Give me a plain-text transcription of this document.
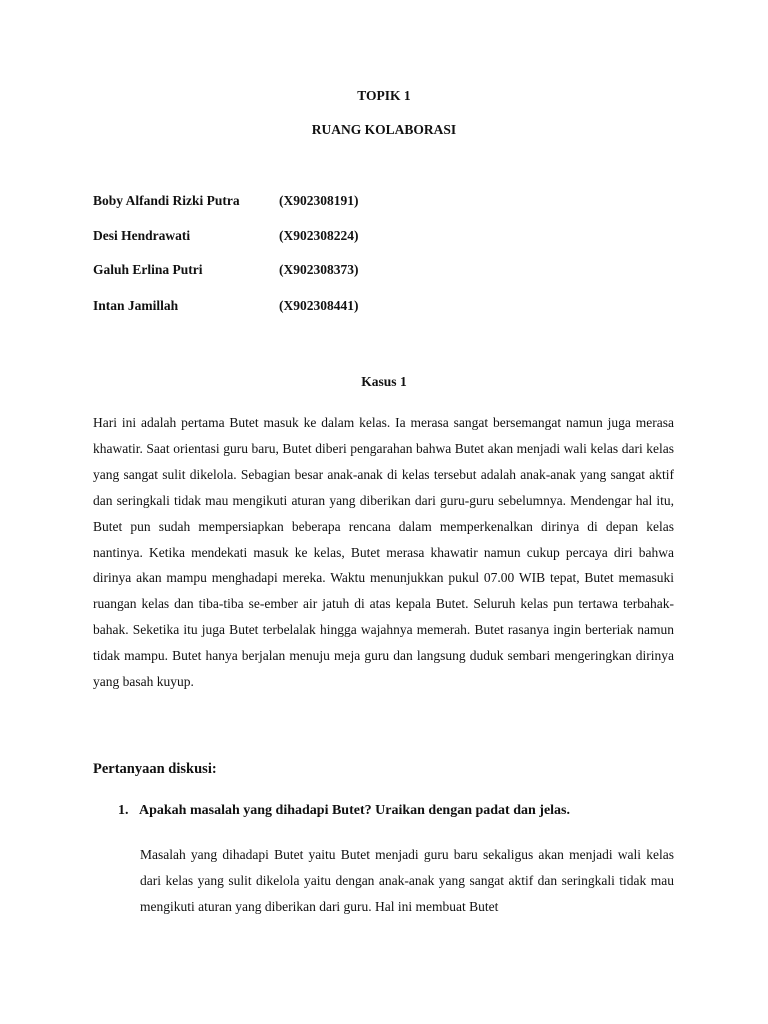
TOPIK 1
RUANG KOLABORASI
Boby Alfandi Rizki Putra	(X902308191)
Desi Hendrawati	(X902308224)
Galuh Erlina Putri	(X902308373)
Intan Jamillah	(X902308441)
Kasus 1

Hari ini adalah pertama Butet masuk ke dalam kelas. Ia merasa sangat bersemangat namun juga merasa khawatir. Saat orientasi guru baru, Butet diberi pengarahan bahwa Butet akan menjadi wali kelas dari kelas yang sangat sulit dikelola. Sebagian besar anak-anak di kelas tersebut adalah anak-anak yang sangat aktif dan seringkali tidak mau mengikuti aturan yang diberikan dari guru-guru sebelumnya. Mendengar hal itu, Butet pun sudah mempersiapkan beberapa rencana dalam memperkenalkan dirinya di depan kelas nantinya. Ketika mendekati masuk ke kelas, Butet merasa khawatir namun cukup percaya diri bahwa dirinya akan mampu menghadapi mereka. Waktu menunjukkan pukul 07.00 WIB tepat, Butet memasuki ruangan kelas dan tiba-tiba se-ember air jatuh di atas kepala Butet. Seluruh kelas pun tertawa terbahak-bahak. Seketika itu juga Butet terbelalak hingga wajahnya memerah. Butet rasanya ingin berteriak namun tidak mampu. Butet hanya berjalan menuju meja guru dan langsung duduk sembari mengeringkan dirinya yang basah kuyup.

Pertanyaan diskusi:
1. Apakah masalah yang dihadapi Butet? Uraikan dengan padat dan jelas.

Masalah yang dihadapi Butet yaitu Butet menjadi guru baru sekaligus akan menjadi wali kelas dari kelas yang sulit dikelola yaitu dengan anak-anak yang sangat aktif dan seringkali tidak mau mengikuti aturan yang diberikan dari guru. Hal ini membuat Butet
